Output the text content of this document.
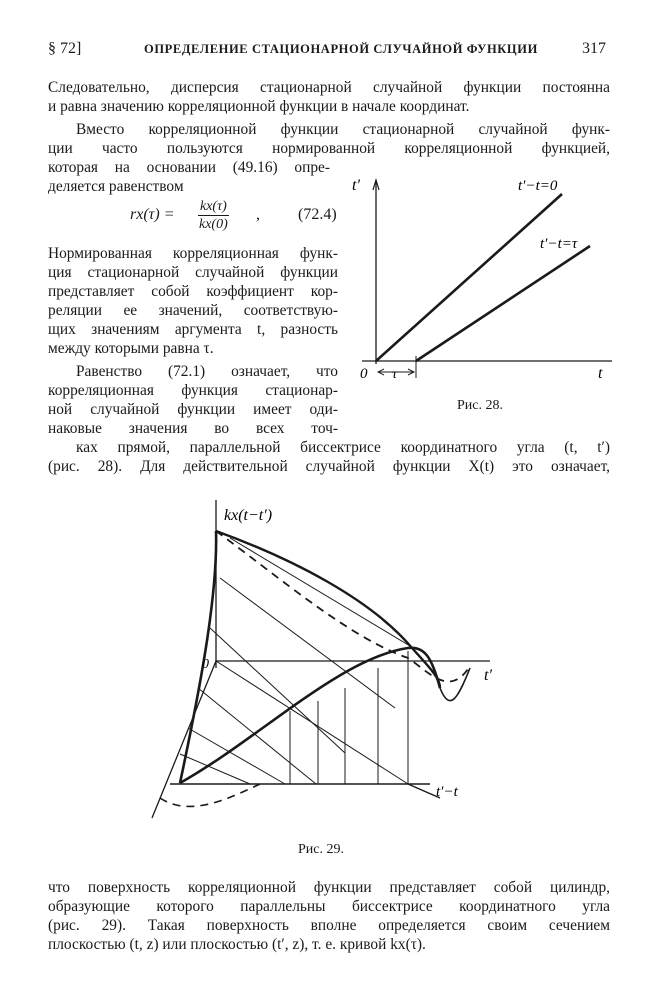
§ 72]	ОПРЕДЕЛЕНИЕ СТАЦИОНАРНОЙ СЛУЧАЙНОЙ ФУНКЦИИ	317
Следовательно, дисперсия стационарной случайной функции постоянна
и равна значению корреляционной функции в начале координат.
Вместо корреляционной функции стационарной случайной функ-
ции часто пользуются нормированной корреляционной функцией,
которая на основании (49.16) опре-
деляется равенством
$rx(\tau) = \frac{kx(\tau)}{kx(0)}$ , (72.4)
Нормированная корреляционная функ-
ция стационарной случайной функции
представляет собой коэффициент кор-
реляции ее значений, соответствую-
щих значениям аргумента t, разность
между которыми равна τ.
Равенство (72.1) означает, что
корреляционная функция стационар-
ной случайной функции имеет оди-
наковые значения во всех точ-
ках прямой, параллельной биссектрисе координатного угла (t, t′)
(рис. 28). Для действительной случайной функции X(t) это означает,
t′
t
0 τ
t′−t=0
t′−t=τ
Рис. 28.
kx(t−t′)
0
t′
t′−t
Рис. 29.
что поверхность корреляционной функции представляет собой цилиндр,
образующие которого параллельны биссектрисе координатного угла
(рис. 29). Такая поверхность вполне определяется своим сечением
плоскостью (t, z) или плоскостью (t′, z), т. е. кривой kx(τ).
